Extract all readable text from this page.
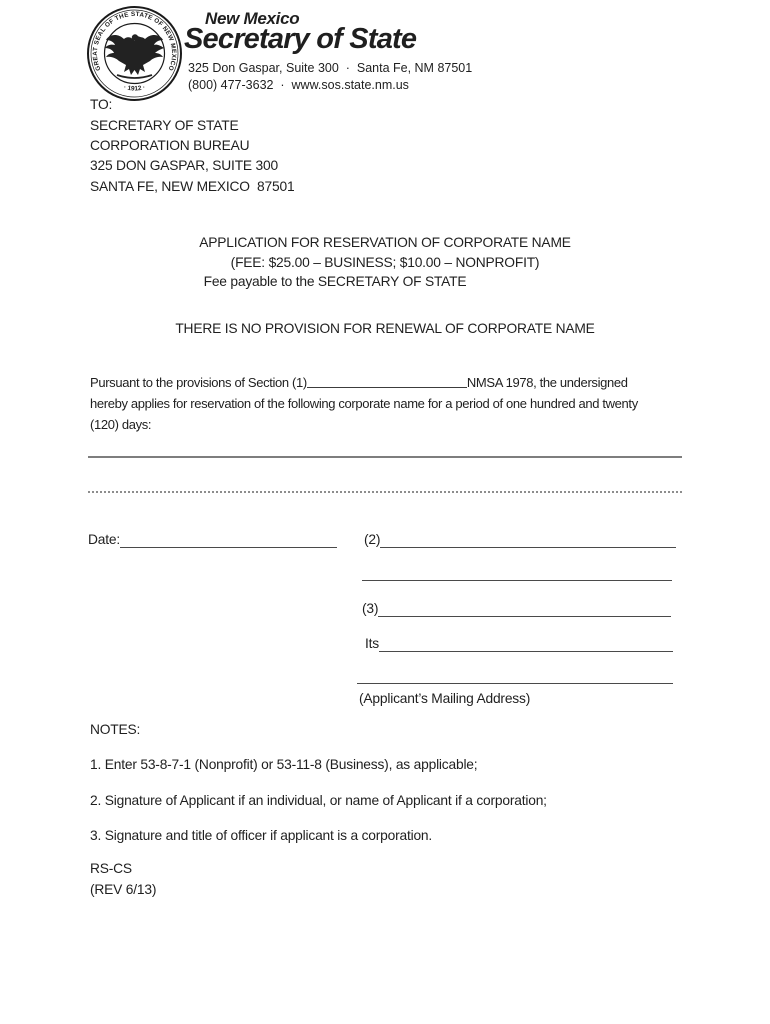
GREAT SEAL OF THE STATE OF NEW MEXICO
· 1912 ·
New Mexico
Secretary of State
325 Don Gaspar, Suite 300  ·  Santa Fe, NM 87501
(800) 477-3632  ·  www.sos.state.nm.us
TO:
SECRETARY OF STATE
CORPORATION BUREAU
325 DON GASPAR, SUITE 300
SANTA FE, NEW MEXICO  87501
APPLICATION FOR RESERVATION OF CORPORATE NAME
(FEE: $25.00 – BUSINESS; $10.00 – NONPROFIT)
Fee payable to the SECRETARY OF STATE
THERE IS NO PROVISION FOR RENEWAL OF CORPORATE NAME
Pursuant to the provisions of Section (1)	NMSA 1978, the undersigned
hereby applies for reservation of the following corporate name for a period of one hundred and twenty
(120) days:
Date:	(2)
(3)
Its
(Applicant’s Mailing Address)
NOTES:
1. Enter 53-8-7-1 (Nonprofit) or 53-11-8 (Business), as applicable;
2. Signature of Applicant if an individual, or name of Applicant if a corporation;
3. Signature and title of officer if applicant is a corporation.
RS-CS
(REV 6/13)
